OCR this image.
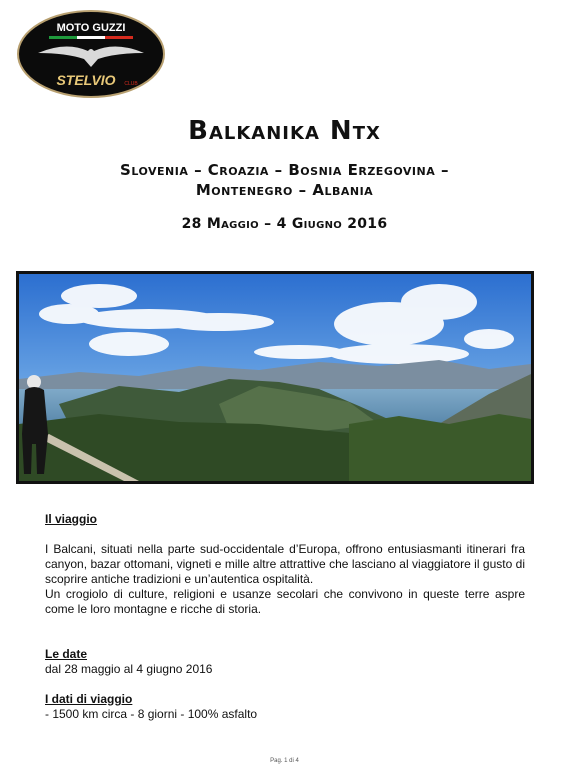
MOTO GUZZI
STELVIO CLUB
Balkanika Ntx
Slovenia – Croazia – Bosnia Erzegovina –
Montenegro – Albania
28 Maggio – 4 Giugno 2016
Il viaggio

I Balcani, situati nella parte sud-occidentale d’Europa, offrono entusiasmanti itinerari fra canyon, bazar ottomani, vigneti e mille altre attrattive che lasciano al viaggiatore il gusto di scoprire antiche tradizioni e un’autentica ospitalità.

Un crogiolo di culture, religioni e usanze secolari che convivono in queste terre aspre come le loro montagne e ricche di storia.

Le date
dal 28 maggio al 4 giugno 2016
I dati di viaggio
- 1500 km circa - 8 giorni - 100% asfalto
Pag. 1 di 4
